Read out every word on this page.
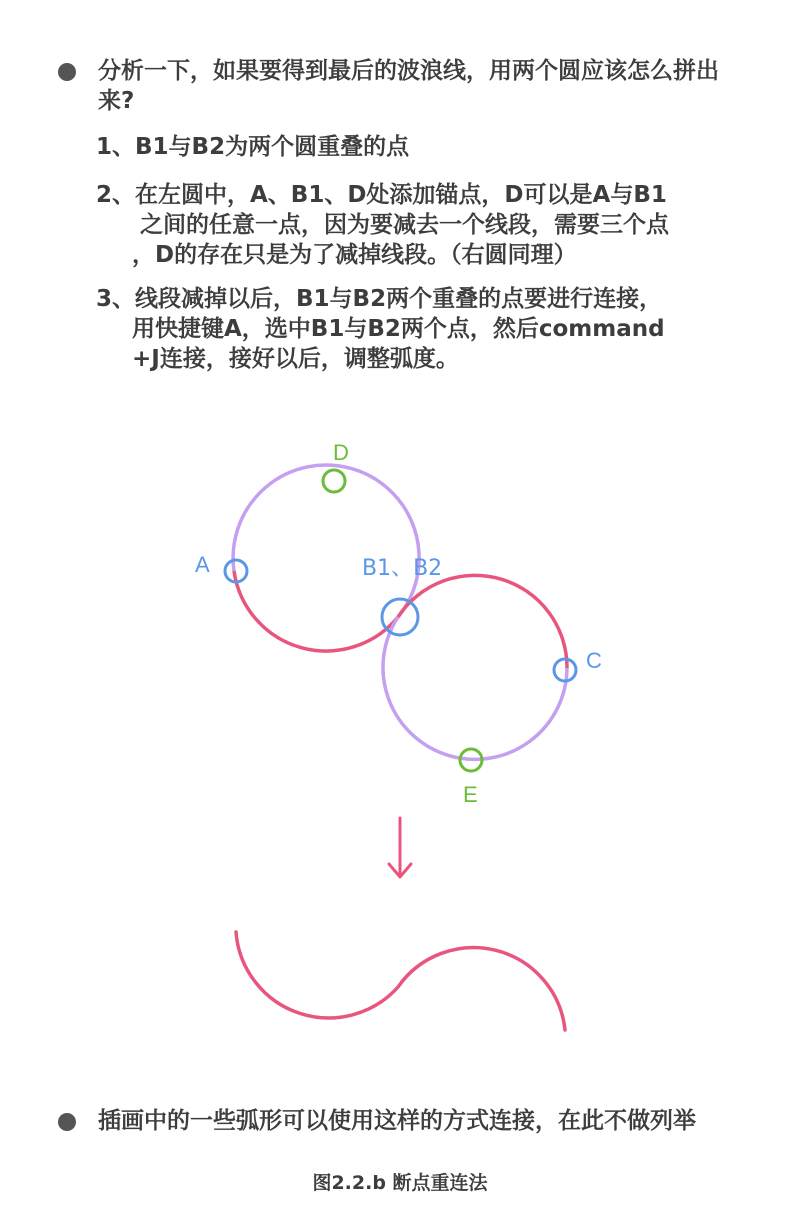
分析一下，如果要得到最后的波浪线，用两个圆应该怎么拼出来?
1、B1与B2为两个圆重叠的点
2、在左圆中，A、B1、D处添加锚点，D可以是A与B1
之间的任意一点，因为要减去一个线段，需要三个点
，D的存在只是为了减掉线段。（右圆同理）
3、线段减掉以后，B1与B2两个重叠的点要进行连接，
用快捷键A，选中B1与B2两个点，然后command
+J连接，接好以后，调整弧度。
D
A	B1、B2
C
E
插画中的一些弧形可以使用这样的方式连接，在此不做列举
图2.2.b 断点重连法
